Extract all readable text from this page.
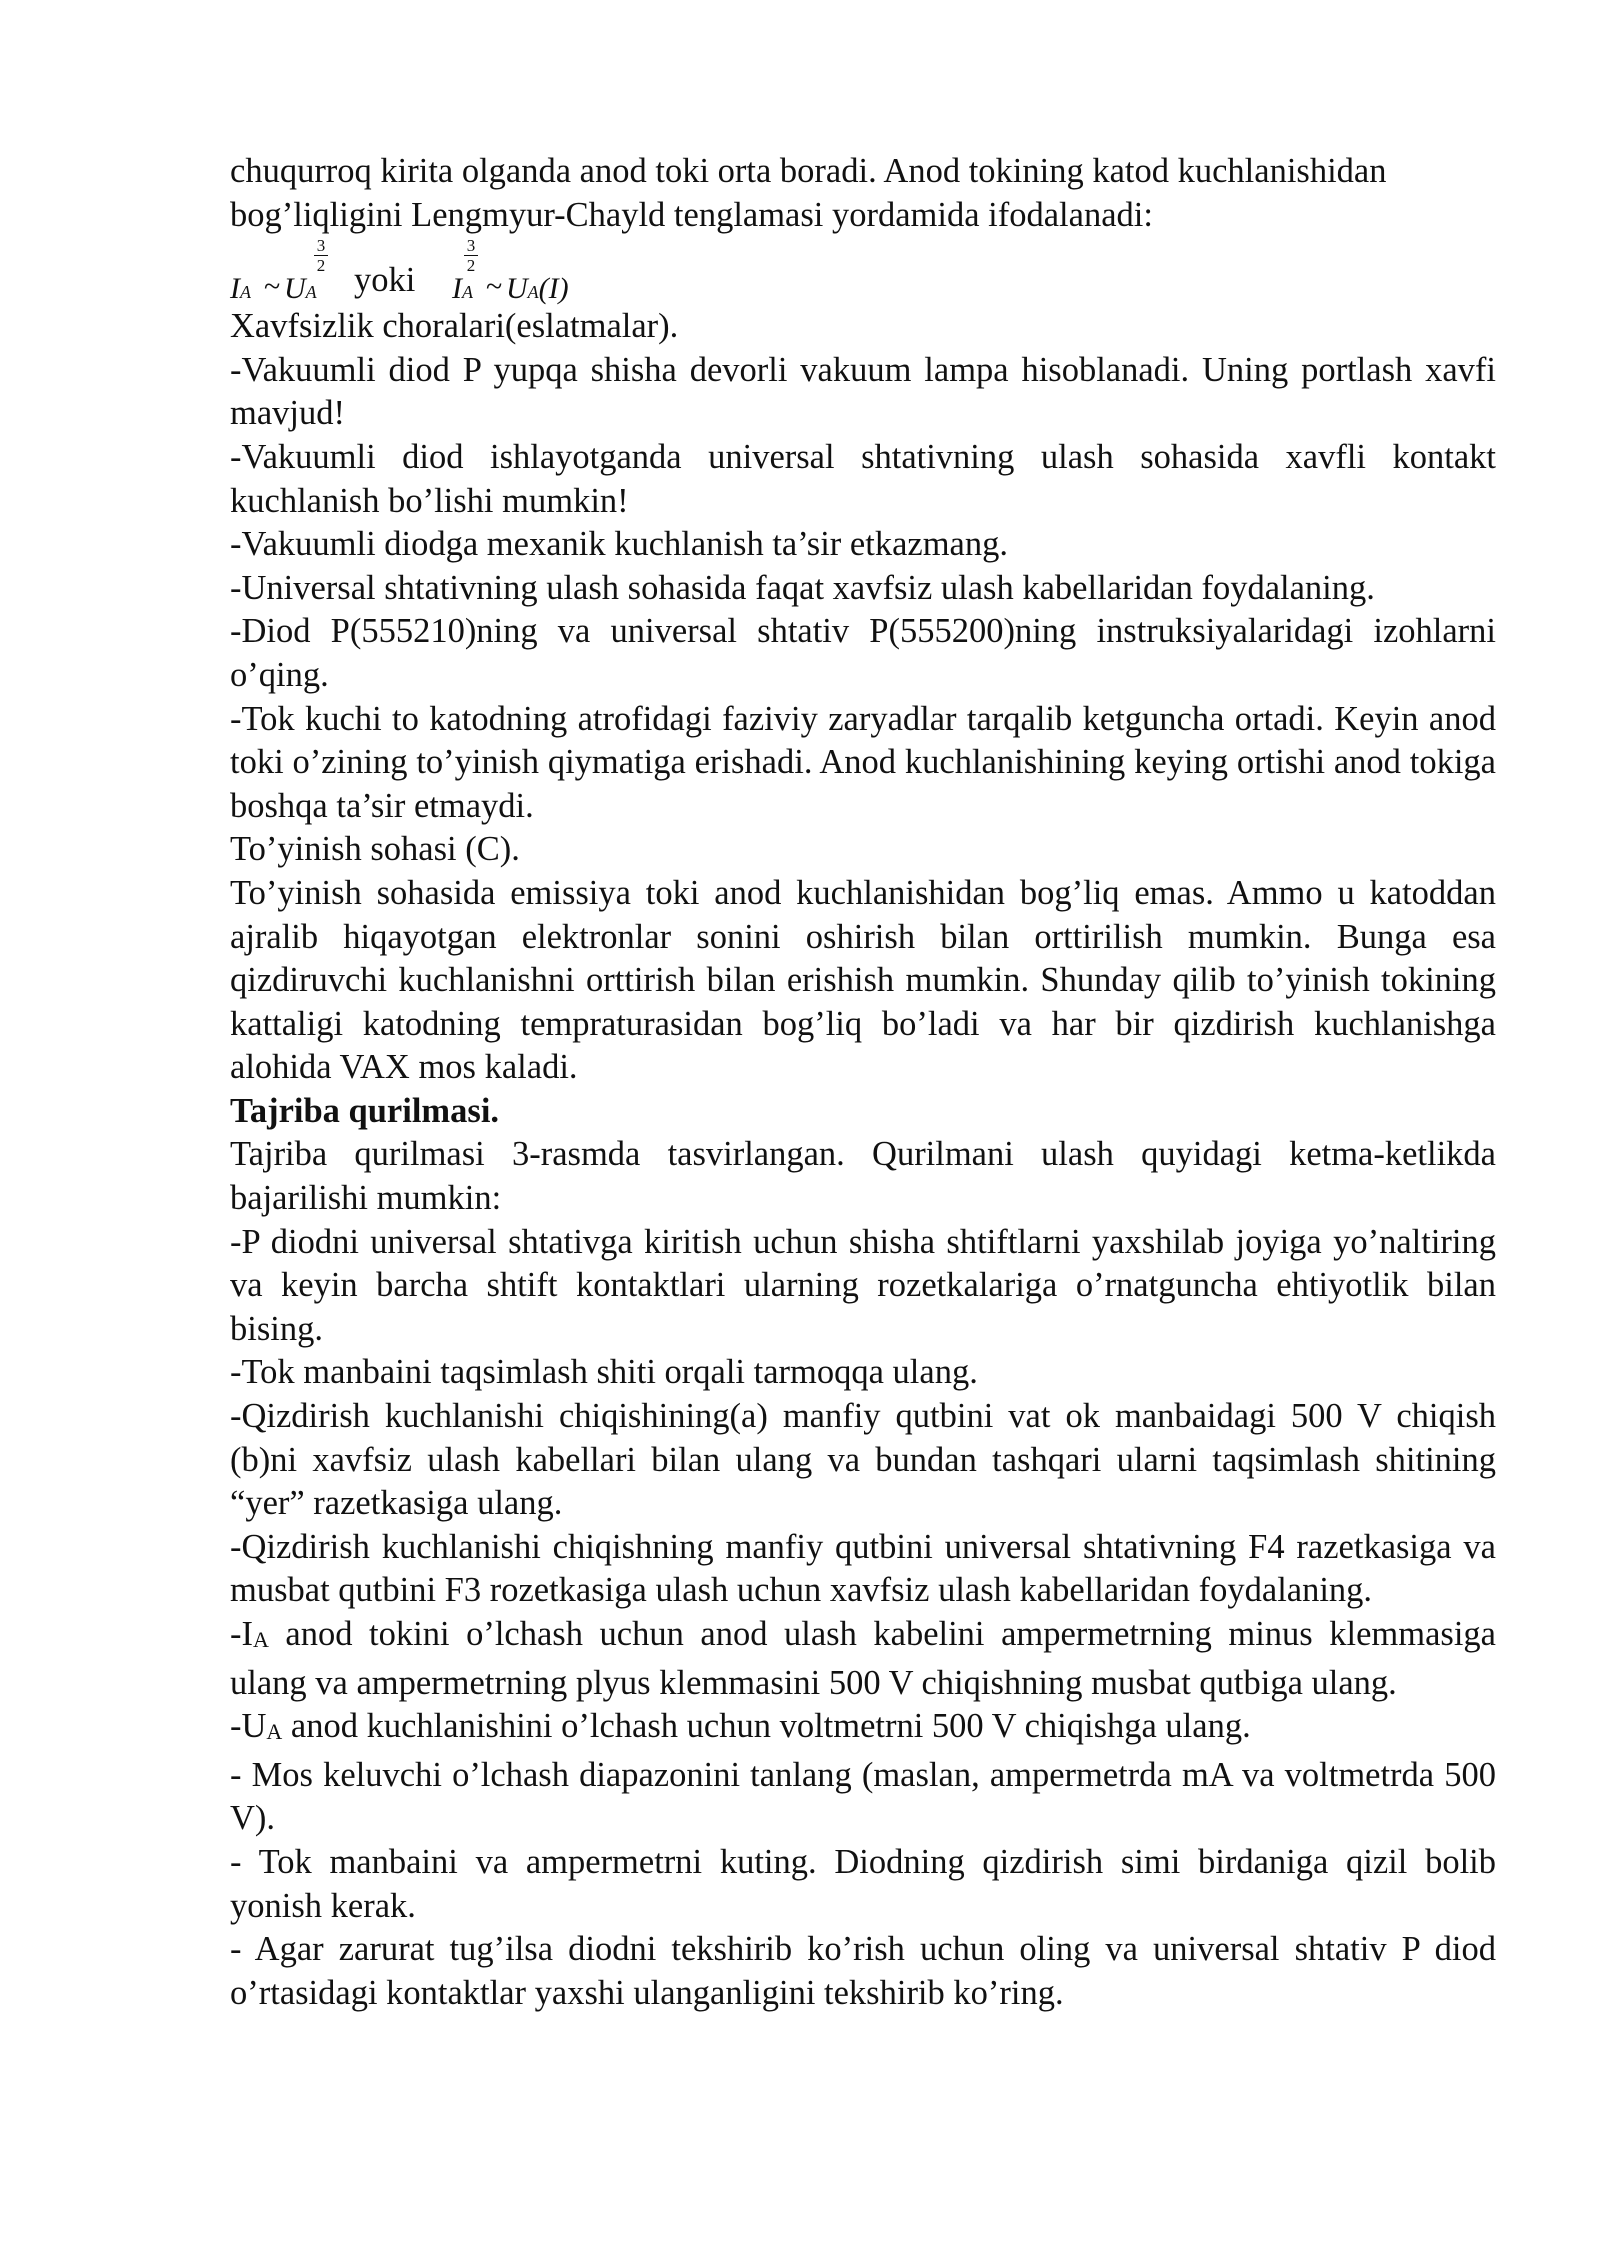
chuqurroq kirita olganda anod toki orta boradi. Anod tokining katod kuchlanishidan

bog’liqligini Lengmyur-Chayld tenglamasi yordamida ifodalanadi:

IA ~ UA
3
2 yoki IA
3
2
~ UA(I)

Xavfsizlik choralari(eslatmalar).

-Vakuumli diod P yupqa shisha devorli vakuum lampa hisoblanadi. Uning portlash xavfi mavjud!

-Vakuumli diod ishlayotganda universal shtativning ulash sohasida xavfli kontakt kuchlanish bo’lishi mumkin!

-Vakuumli diodga mexanik kuchlanish ta’sir etkazmang.

-Universal shtativning ulash sohasida faqat xavfsiz ulash kabellaridan foydalaning.

-Diod P(555210)ning va universal shtativ P(555200)ning instruksiyalaridagi izohlarni o’qing.

-Tok kuchi to katodning atrofidagi faziviy zaryadlar tarqalib ketguncha ortadi. Keyin anod toki o’zining to’yinish qiymatiga erishadi. Anod kuchlanishining keying ortishi anod tokiga boshqa ta’sir etmaydi.

To’yinish sohasi (C).

To’yinish sohasida emissiya toki anod kuchlanishidan bog’liq emas. Ammo u katoddan ajralib hiqayotgan elektronlar sonini oshirish bilan orttirilish mumkin. Bunga esa qizdiruvchi kuchlanishni orttirish bilan erishish mumkin. Shunday qilib to’yinish tokining kattaligi katodning tempraturasidan bog’liq bo’ladi va har bir qizdirish kuchlanishga alohida VAX mos kaladi.

Tajriba qurilmasi.

Tajriba qurilmasi 3-rasmda tasvirlangan. Qurilmani ulash quyidagi ketma-ketlikda bajarilishi mumkin:

-P diodni universal shtativga kiritish uchun shisha shtiftlarni yaxshilab joyiga yo’naltiring va keyin barcha shtift kontaktlari ularning rozetkalariga o’rnatguncha ehtiyotlik bilan bising.

-Tok manbaini taqsimlash shiti orqali tarmoqqa ulang.

-Qizdirish kuchlanishi chiqishining(a) manfiy qutbini vat ok manbaidagi 500 V chiqish (b)ni xavfsiz ulash kabellari bilan ulang va bundan tashqari ularni taqsimlash shitining “yer” razetkasiga ulang.

-Qizdirish kuchlanishi chiqishning manfiy qutbini universal shtativning F4 razetkasiga va musbat qutbini F3 rozetkasiga ulash uchun xavfsiz ulash kabellaridan foydalaning.

-IA anod tokini o’lchash uchun anod ulash kabelini ampermetrning minus klemmasiga ulang va ampermetrning plyus klemmasini 500 V chiqishning musbat qutbiga ulang.

-UA anod kuchlanishini o’lchash uchun voltmetrni 500 V chiqishga ulang.

- Mos keluvchi o’lchash diapazonini tanlang (maslan, ampermetrda mA va voltmetrda 500 V).

- Tok manbaini va ampermetrni kuting. Diodning qizdirish simi birdaniga qizil bolib yonish kerak.

- Agar zarurat tug’ilsa diodni tekshirib ko’rish uchun oling va universal shtativ P diod o’rtasidagi kontaktlar yaxshi ulanganligini tekshirib ko’ring.
